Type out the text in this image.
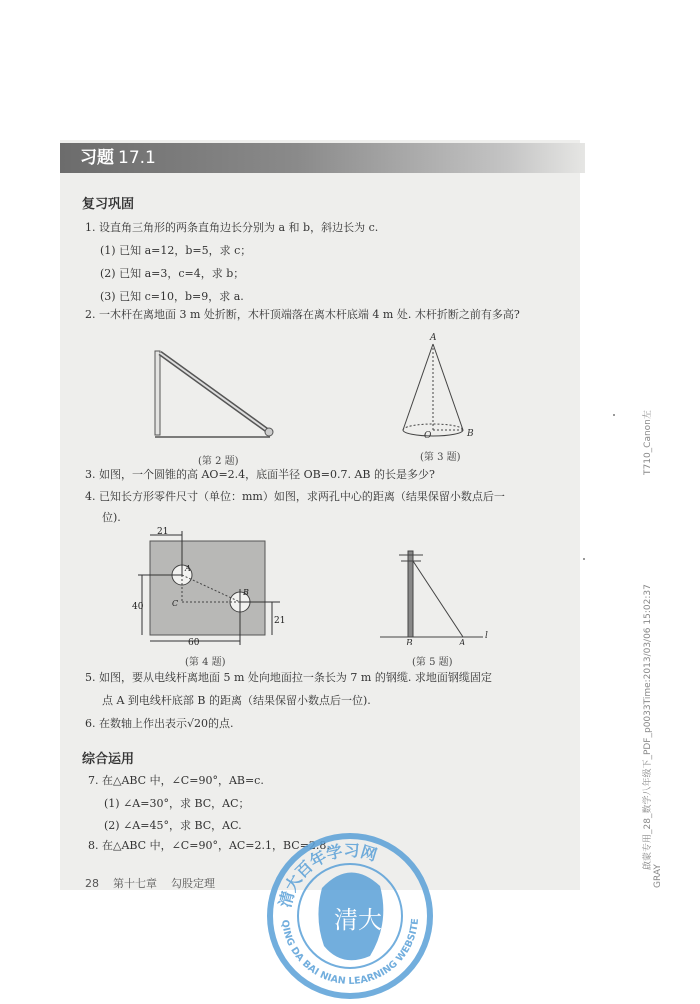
习题 17.1
复习巩固
1. 设直角三角形的两条直角边长分别为 a 和 b，斜边长为 c.
(1) 已知 a=12，b=5，求 c；
(2) 已知 a=3，c=4，求 b；
(3) 已知 c=10，b=9，求 a.
2. 一木杆在离地面 3 m 处折断，木杆顶端落在离木杆底端 4 m 处. 木杆折断之前有多高?
(第 2 题)
A
O	B
(第 3 题)
3. 如图，一个圆锥的高 AO=2.4，底面半径 OB=0.7. AB 的长是多少?
4. 已知长方形零件尺寸（单位：mm）如图，求两孔中心的距离（结果保留小数点后一
位).
21
40
60
21
A
B
C
(第 4 题)
B	A
l
(第 5 题)
5. 如图，要从电线杆离地面 5 m 处向地面拉一条长为 7 m 的钢缆. 求地面钢缆固定
点 A 到电线杆底部 B 的距离（结果保留小数点后一位).
6. 在数轴上作出表示√20的点.
综合运用
7. 在△ABC 中，∠C=90°，AB=c.
(1) ∠A=30°，求 BC，AC；
(2) ∠A=45°，求 BC，AC.
8. 在△ABC 中，∠C=90°，AC=2.1，BC=2.8.
28 第十七章 勾股定理
清大百年学习网
QING DA BAI NIAN LEARNING WEBSITE
清大
T710_Canon左
啟蒙专用_28_数学八年级下_PDF_p0033Time:2013/03/06 15:02:37
GRAY
